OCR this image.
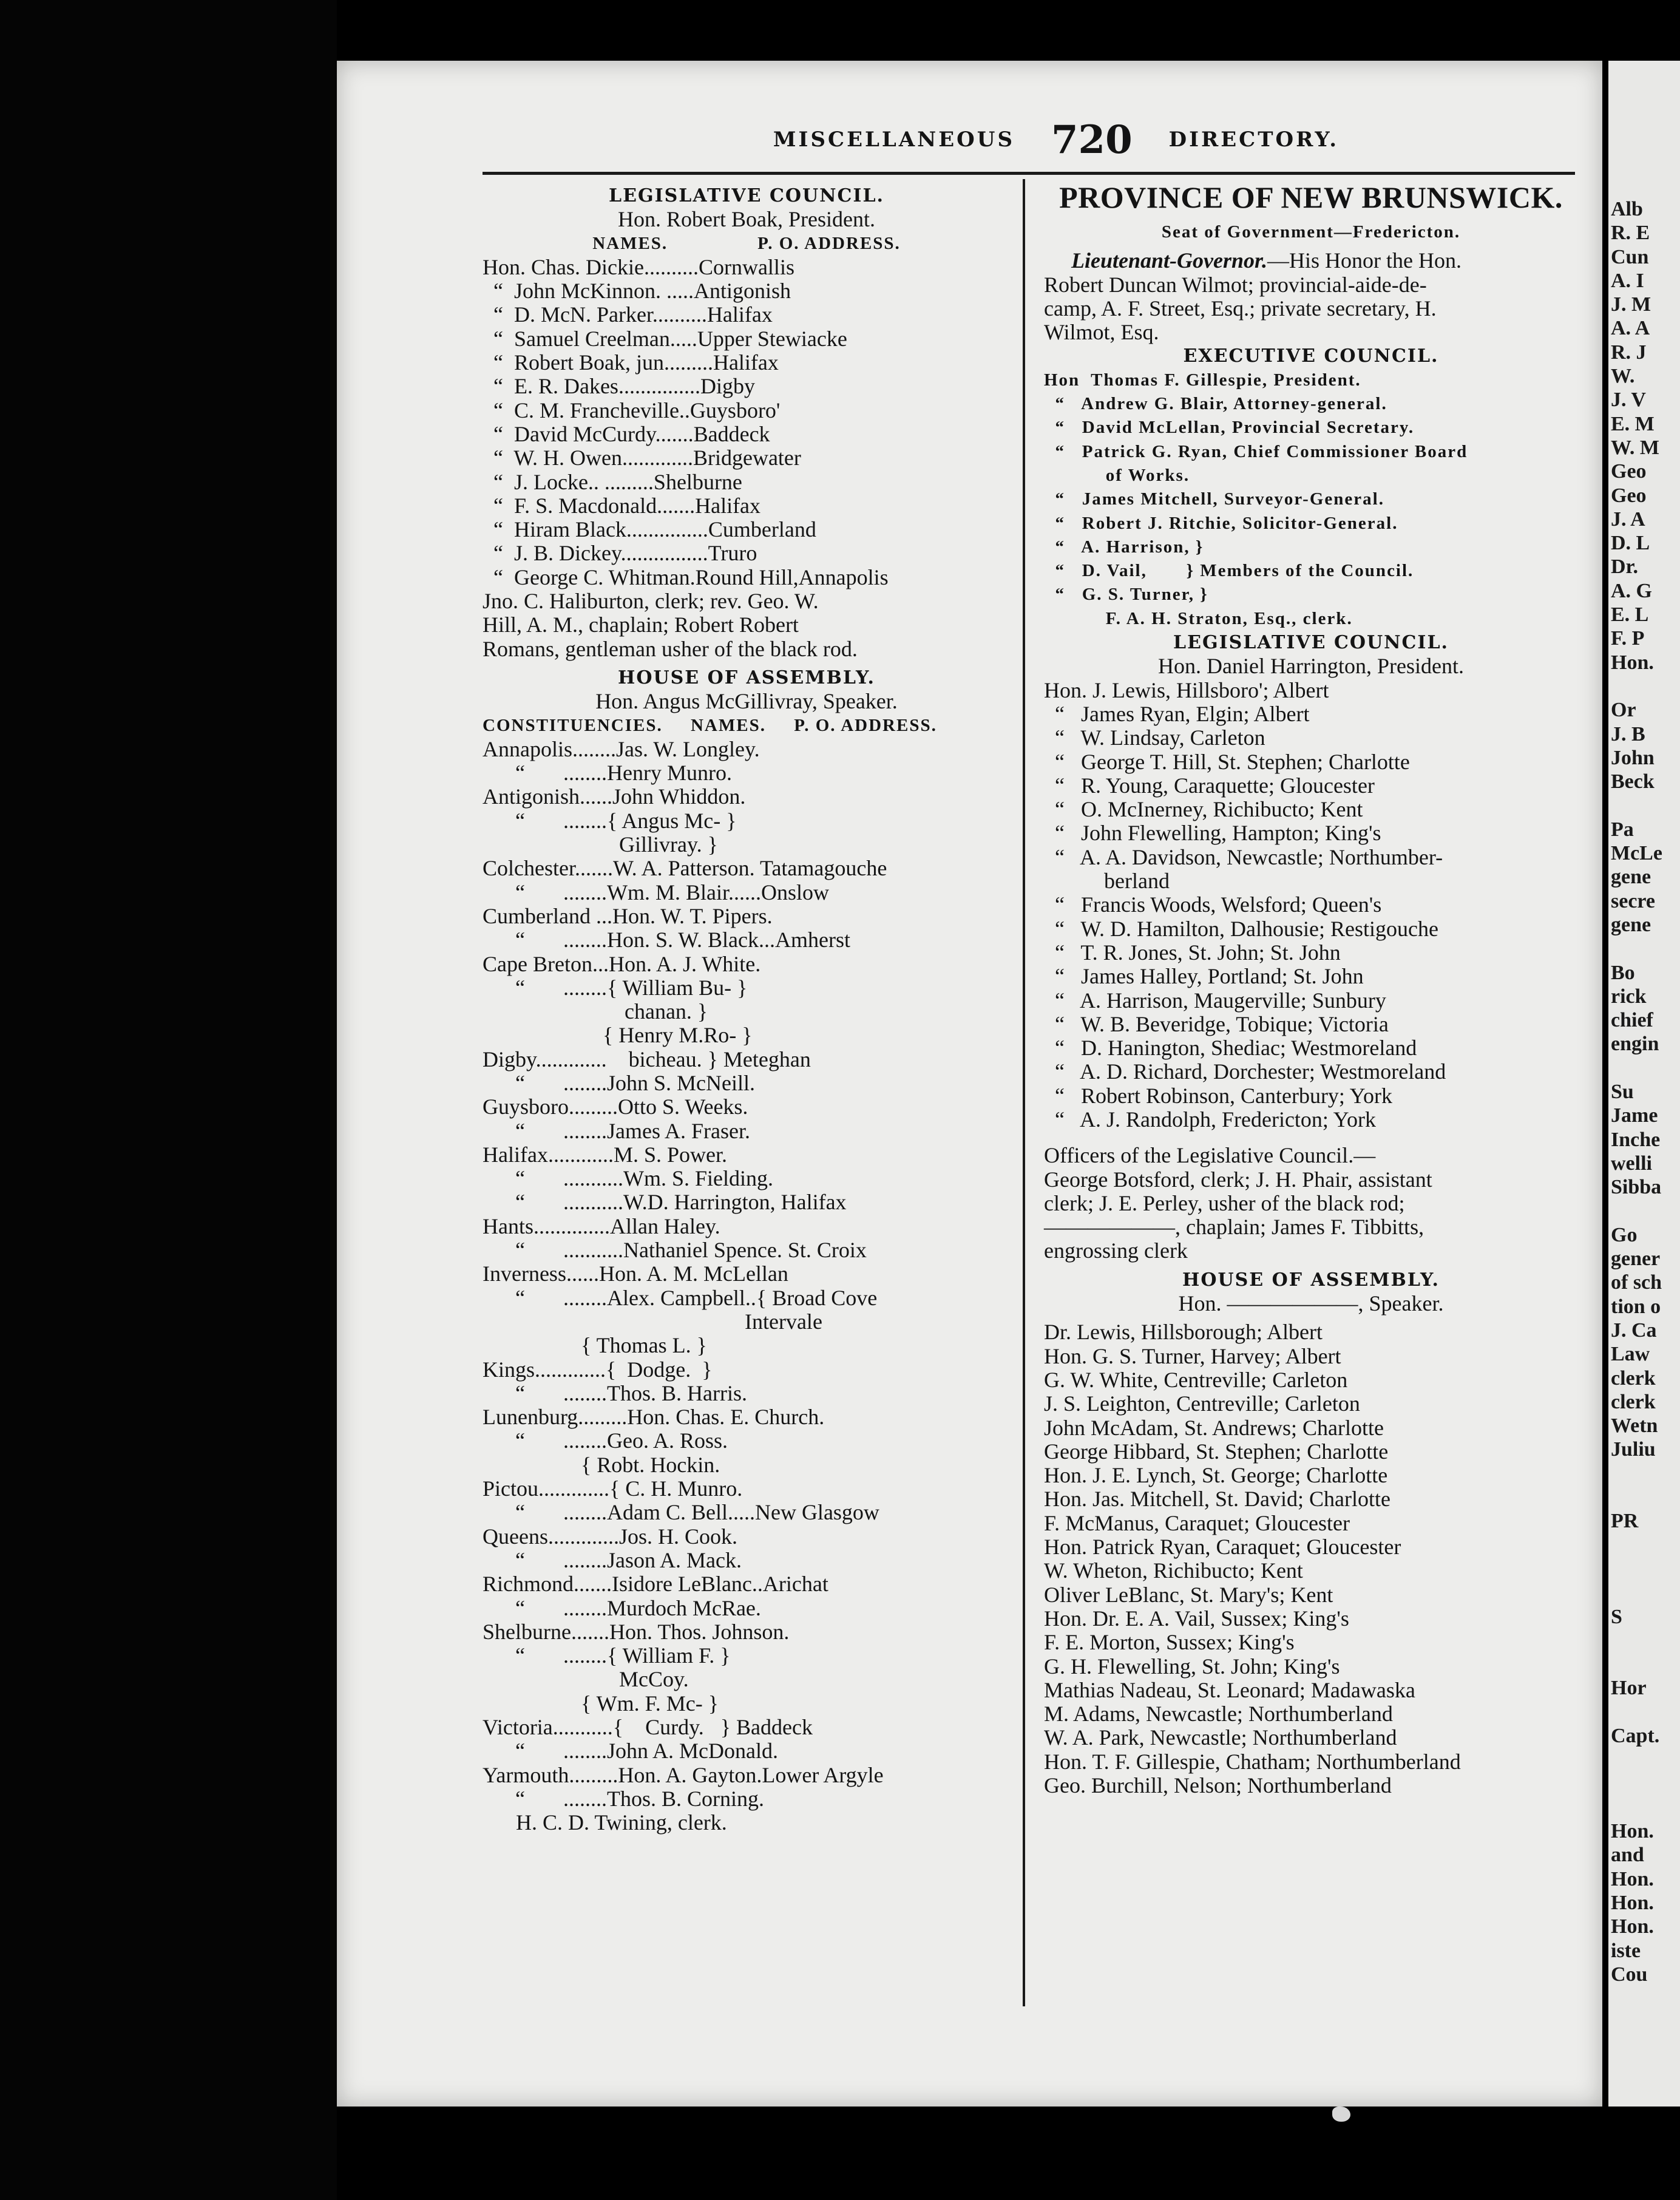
MISCELLANEOUS 720 DIRECTORY.
LEGISLATIVE COUNCIL.
Hon. Robert Boak, President.
NAMES.                P. O. ADDRESS.
Hon. Chas. Dickie..........Cornwallis
“  John McKinnon. .....Antigonish
“  D. McN. Parker..........Halifax
“  Samuel Creelman.....Upper Stewiacke
“  Robert Boak, jun.........Halifax
“  E. R. Dakes...............Digby
“  C. M. Francheville..Guysboro'
“  David McCurdy.......Baddeck
“  W. H. Owen.............Bridgewater
“  J. Locke.. .........Shelburne
“  F. S. Macdonald.......Halifax
“  Hiram Black...............Cumberland
“  J. B. Dickey................Truro
“  George C. Whitman.Round Hill,Annapolis
Jno. C. Haliburton, clerk; rev. Geo. W.
Hill, A. M., chaplain; Robert Robert
Romans, gentleman usher of the black rod.
HOUSE OF ASSEMBLY.
Hon. Angus McGillivray, Speaker.
CONSTITUENCIES.     NAMES.     P. O. ADDRESS.
Annapolis........Jas. W. Longley.
“       ........Henry Munro.
Antigonish......John Whiddon.
“       ........{ Angus Mc- }
Gillivray. }
Colchester.......W. A. Patterson. Tatamagouche
“       ........Wm. M. Blair......Onslow
Cumberland ...Hon. W. T. Pipers.
“       ........Hon. S. W. Black...Amherst
Cape Breton...Hon. A. J. White.
“       ........{ William Bu- }
chanan. }
{ Henry M.Ro- }
Digby.............    bicheau. } Meteghan
“       ........John S. McNeill.
Guysboro.........Otto S. Weeks.
“       ........James A. Fraser.
Halifax............M. S. Power.
“       ...........Wm. S. Fielding.
“       ...........W.D. Harrington, Halifax
Hants..............Allan Haley.
“       ...........Nathaniel Spence. St. Croix
Inverness......Hon. A. M. McLellan
“       ........Alex. Campbell..{ Broad Cove
Intervale
{ Thomas L. }
Kings.............{  Dodge.  }
“       ........Thos. B. Harris.
Lunenburg.........Hon. Chas. E. Church.
“       ........Geo. A. Ross.
{ Robt. Hockin.
Pictou.............{ C. H. Munro.
“       ........Adam C. Bell.....New Glasgow
Queens.............Jos. H. Cook.
“       ........Jason A. Mack.
Richmond.......Isidore LeBlanc..Arichat
“       ........Murdoch McRae.
Shelburne.......Hon. Thos. Johnson.
“       ........{ William F. }
McCoy.
{ Wm. F. Mc- }
Victoria...........{    Curdy.   } Baddeck
“       ........John A. McDonald.
Yarmouth.........Hon. A. Gayton.Lower Argyle
“       ........Thos. B. Corning.
H. C. D. Twining, clerk.
PROVINCE OF NEW BRUNSWICK.
Seat of Government—Fredericton.
Lieutenant-Governor.—His Honor the Hon.
Robert Duncan Wilmot; provincial-aide-de-
camp, A. F. Street, Esq.; private secretary, H.
Wilmot, Esq.
EXECUTIVE COUNCIL.
Hon  Thomas F. Gillespie, President.
“   Andrew G. Blair, Attorney-general.
“   David McLellan, Provincial Secretary.
“   Patrick G. Ryan, Chief Commissioner Board
of Works.
“   James Mitchell, Surveyor-General.
“   Robert J. Ritchie, Solicitor-General.
“   A. Harrison, }
“   D. Vail,       } Members of the Council.
“   G. S. Turner, }
F. A. H. Straton, Esq., clerk.
LEGISLATIVE COUNCIL.
Hon. Daniel Harrington, President.
Hon. J. Lewis, Hillsboro'; Albert
“   James Ryan, Elgin; Albert
“   W. Lindsay, Carleton
“   George T. Hill, St. Stephen; Charlotte
“   R. Young, Caraquette; Gloucester
“   O. McInerney, Richibucto; Kent
“   John Flewelling, Hampton; King's
“   A. A. Davidson, Newcastle; Northumber-
berland
“   Francis Woods, Welsford; Queen's
“   W. D. Hamilton, Dalhousie; Restigouche
“   T. R. Jones, St. John; St. John
“   James Halley, Portland; St. John
“   A. Harrison, Maugerville; Sunbury
“   W. B. Beveridge, Tobique; Victoria
“   D. Hanington, Shediac; Westmoreland
“   A. D. Richard, Dorchester; Westmoreland
“   Robert Robinson, Canterbury; York
“   A. J. Randolph, Fredericton; York
Officers of the Legislative Council.—
George Botsford, clerk; J. H. Phair, assistant
clerk; J. E. Perley, usher of the black rod;
——————, chaplain; James F. Tibbitts,
engrossing clerk
HOUSE OF ASSEMBLY.
Hon. ——————, Speaker.
Dr. Lewis, Hillsborough; Albert
Hon. G. S. Turner, Harvey; Albert
G. W. White, Centreville; Carleton
J. S. Leighton, Centreville; Carleton
John McAdam, St. Andrews; Charlotte
George Hibbard, St. Stephen; Charlotte
Hon. J. E. Lynch, St. George; Charlotte
Hon. Jas. Mitchell, St. David; Charlotte
F. McManus, Caraquet; Gloucester
Hon. Patrick Ryan, Caraquet; Gloucester
W. Wheton, Richibucto; Kent
Oliver LeBlanc, St. Mary's; Kent
Hon. Dr. E. A. Vail, Sussex; King's
F. E. Morton, Sussex; King's
G. H. Flewelling, St. John; King's
Mathias Nadeau, St. Leonard; Madawaska
M. Adams, Newcastle; Northumberland
W. A. Park, Newcastle; Northumberland
Hon. T. F. Gillespie, Chatham; Northumberland
Geo. Burchill, Nelson; Northumberland
Alb
R. E
Cun
A. I
J. M
A. A
R. J
W.
J. V
E. M
W. M
Geo
Geo
J. A
D. L
Dr.
A. G
E. L
F. P
Hon.

Or
J. B
John
Beck

Pa
McLe
gene
secre
gene

Bo
rick
chief
engin

Su
Jame
Inche
welli
Sibba

Go
gener
of sch
tion o
J. Ca
Law
clerk
clerk
Wetn
Juliu

PR

S

Hor

Capt.

Hon.
and
Hon.
Hon.
Hon.
iste
Cou
